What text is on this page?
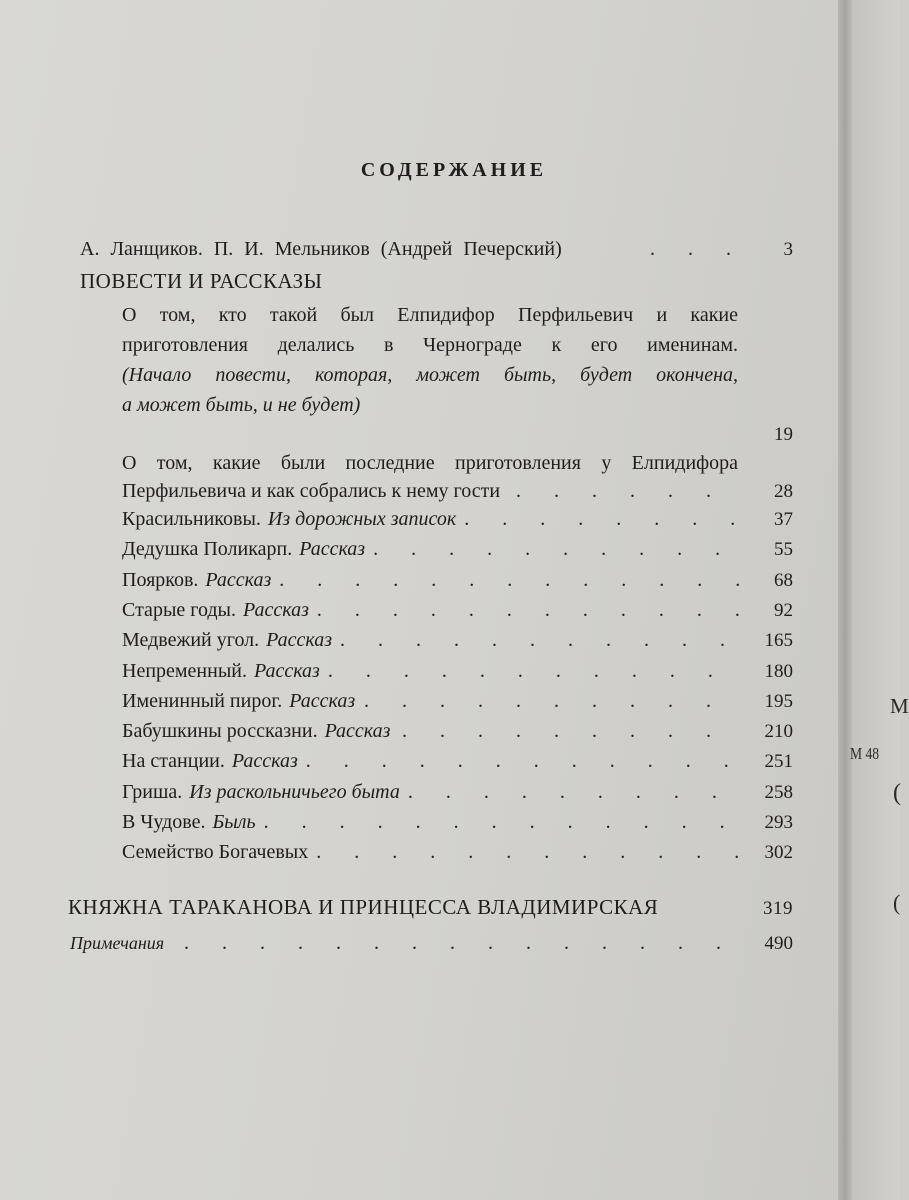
М
М 48
(
(
СОДЕРЖАНИЕ
А. Ланщиков. П. И. Мельников (Андрей Печерский)	. . .	3
ПОВЕСТИ И РАССКАЗЫ
О том, кто такой был Елпидифор Перфильевич и какие
приготовления делались в Черноградe к его именинам.
(Начало повести, которая, может быть, будет окончена,
а может быть, и не будет)
19
О том, какие были последние приготовления у Елпидифора
Перфильевича и как собрались к нему гости . . . . . .	28
Красильниковы. Из дорожных записок . . . . . . . .	37
Дедушка Поликарп. Рассказ . . . . . . . . . .	55
Поярков. Рассказ . . . . . . . . . . . . .	68
Старые годы. Рассказ . . . . . . . . . . . .	92
Медвежий угол. Рассказ . . . . . . . . . . .	165
Непременный. Рассказ . . . . . . . . . . .	180
Именинный пирог. Рассказ . . . . . . . . . .	195
Бабушкины россказни. Рассказ . . . . . . . . .	210
На станции. Рассказ . . . . . . . . . . . .	251
Гриша. Из раскольничьего быта . . . . . . . . .	258
В Чудове. Быль . . . . . . . . . . . . .	293
Семейство Богачевых . . . . . . . . . . . . 302
КНЯЖНА ТАРАКАНОВА И ПРИНЦЕССА ВЛАДИМИРСКАЯ	319
Примечания . . . . . . . . . . . . . . .	490
